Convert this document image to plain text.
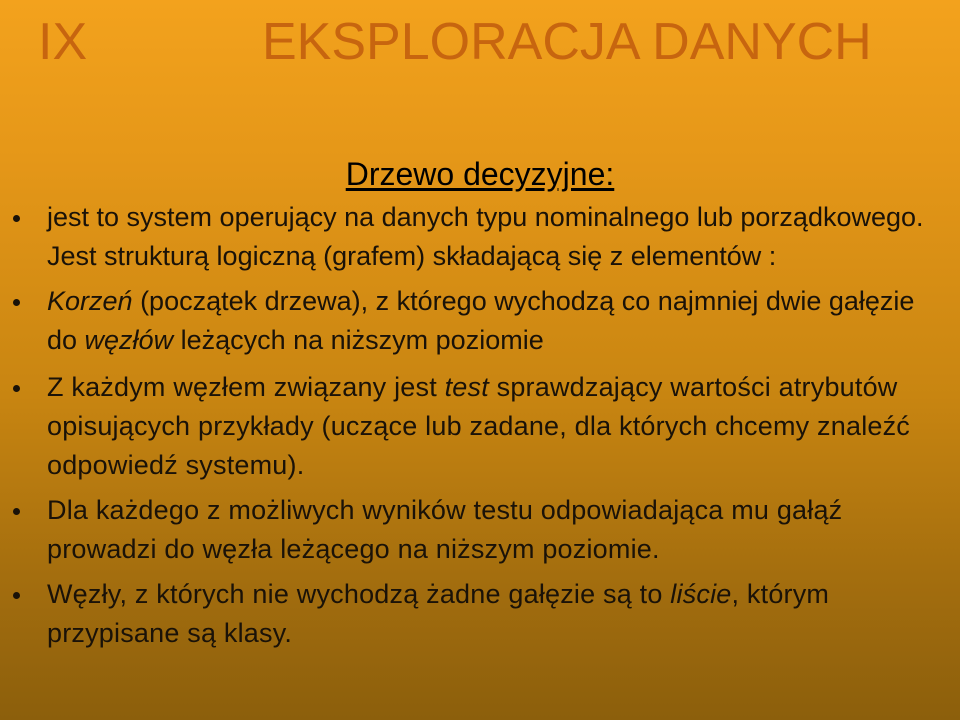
IX	EKSPLORACJA DANYCH
Drzewo decyzyjne:
jest to system operujący na danych typu nominalnego lub porządkowego. Jest strukturą logiczną (grafem) składającą się z elementów :
Korzeń (początek drzewa), z którego wychodzą co najmniej dwie gałęzie do węzłów leżących na niższym poziomie
Z każdym węzłem związany jest test sprawdzający wartości atrybutów opisujących przykłady (uczące lub zadane, dla których chcemy znaleźć odpowiedź systemu).
Dla każdego z możliwych wyników testu odpowiadająca mu gałąź prowadzi do węzła leżącego na niższym poziomie.
Węzły, z których nie wychodzą żadne gałęzie są to liście, którym przypisane są klasy.
